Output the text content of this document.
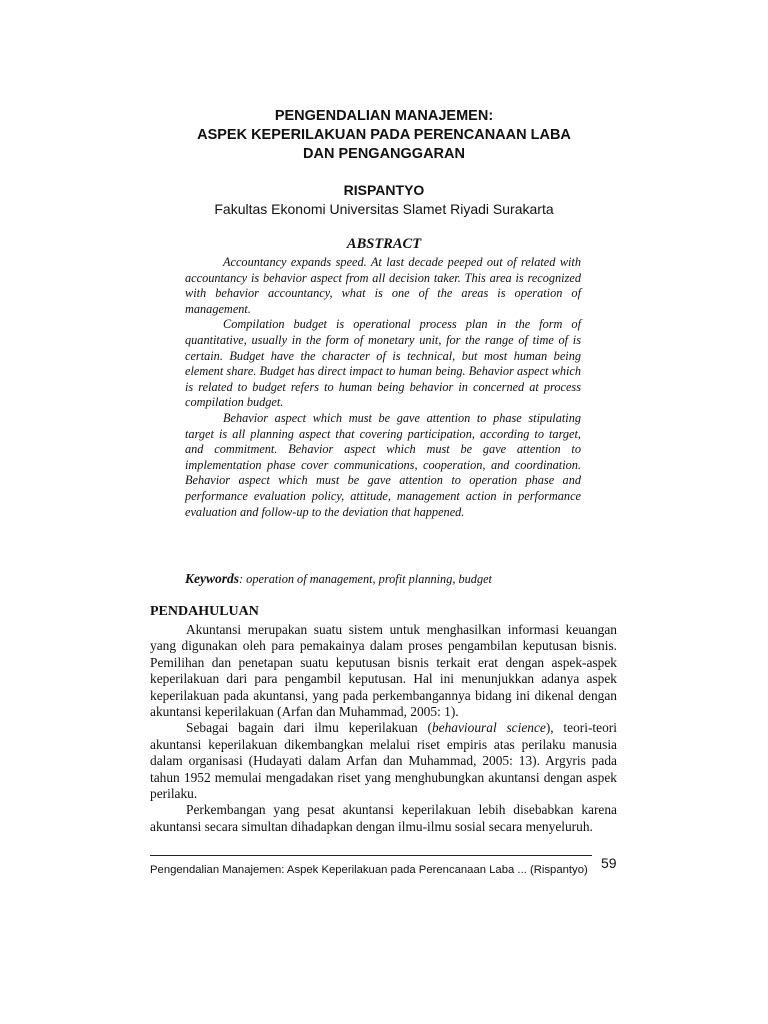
PENGENDALIAN MANAJEMEN:
ASPEK KEPERILAKUAN PADA PERENCANAAN LABA
DAN PENGANGGARAN
RISPANTYO
Fakultas Ekonomi Universitas Slamet Riyadi Surakarta
ABSTRACT

Accountancy expands speed. At last decade peeped out of related with accountancy is behavior aspect from all decision taker. This area is recognized with behavior accountancy, what is one of the areas is operation of management.

Compilation budget is operational process plan in the form of quantitative, usually in the form of monetary unit, for the range of time of is certain. Budget have the character of is technical, but most human being element share. Budget has direct impact to human being. Behavior aspect which is related to budget refers to human being behavior in concerned at process compilation budget.

Behavior aspect which must be gave attention to phase stipulating target is all planning aspect that covering participation, according to target, and commitment. Behavior aspect which must be gave attention to implementation phase cover communications, cooperation, and coordination. Behavior aspect which must be gave attention to operation phase and performance evaluation policy, attitude, management action in performance evaluation and follow-up to the deviation that happened.

Keywords: operation of management, profit planning, budget
PENDAHULUAN

Akuntansi merupakan suatu sistem untuk menghasilkan informasi keuangan yang digunakan oleh para pemakainya dalam proses pengambilan keputusan bisnis. Pemilihan dan penetapan suatu keputusan bisnis terkait erat dengan aspek-aspek keperilakuan dari para pengambil keputusan. Hal ini menunjukkan adanya aspek keperilakuan pada akuntansi, yang pada perkembangannya bidang ini dikenal dengan akuntansi keperilakuan (Arfan dan Muhammad, 2005: 1).

Sebagai bagain dari ilmu keperilakuan (behavioural science), teori-teori akuntansi keperilakuan dikembangkan melalui riset empiris atas perilaku manusia dalam organisasi (Hudayati dalam Arfan dan Muhammad, 2005: 13). Argyris pada tahun 1952 memulai mengadakan riset yang menghubungkan akuntansi dengan aspek perilaku.

Perkembangan yang pesat akuntansi keperilakuan lebih disebabkan karena akuntansi secara simultan dihadapkan dengan ilmu-ilmu sosial secara menyeluruh.

Pengendalian Manajemen: Aspek Keperilakuan pada Perencanaan Laba ... (Rispantyo) 59
